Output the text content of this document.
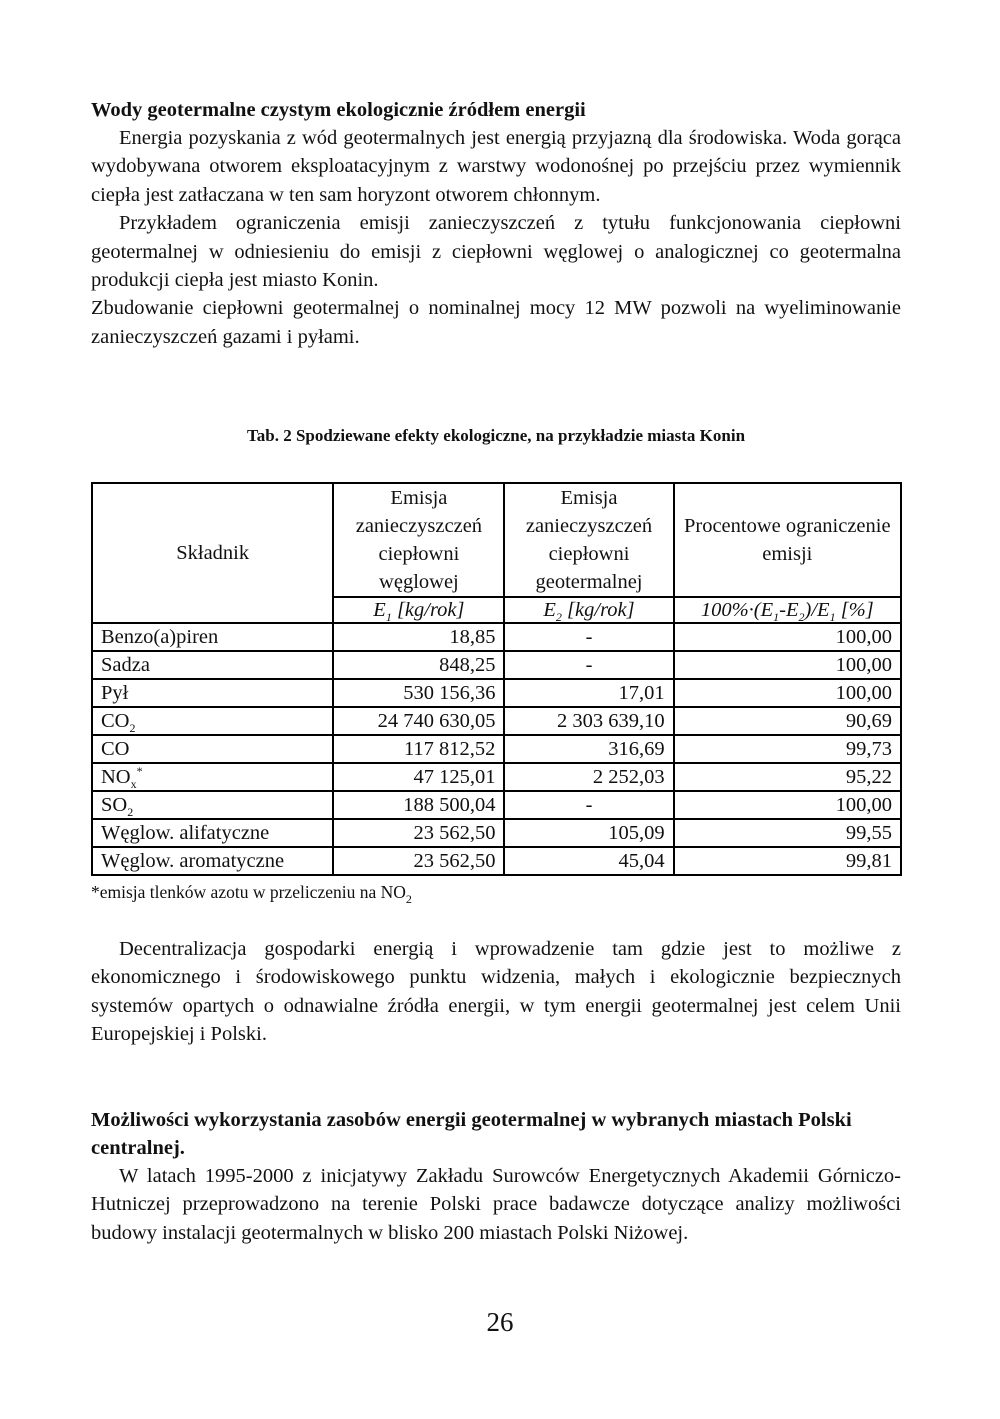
Wody geotermalne czystym ekologicznie źródłem energii

Energia pozyskania z wód geotermalnych jest energią przyjazną dla środowiska. Woda gorąca wydobywana otworem eksploatacyjnym z warstwy wodonośnej po przejściu przez wymiennik ciepła jest zatłaczana w ten sam horyzont otworem chłonnym.

Przykładem ograniczenia emisji zanieczyszczeń z tytułu funkcjonowania ciepłowni geotermalnej w odniesieniu do emisji z ciepłowni węglowej o analogicznej co geotermalna produkcji ciepła jest miasto Konin.

Zbudowanie ciepłowni geotermalnej o nominalnej mocy 12 MW pozwoli na wyeliminowanie zanieczyszczeń gazami i pyłami.

Tab. 2 Spodziewane efekty ekologiczne, na przykładzie miasta Konin
Składnik	Emisja zanieczyszczeń ciepłowni węglowej	Emisja zanieczyszczeń ciepłowni geotermalnej	Procentowe ograniczenie emisji
	$E_1$ [kg/rok]	$E_2$ [kg/rok]	$100\%\cdot(E_1-E_2)/E_1$ [%]
Benzo(a)piren	18,85	-	100,00
Sadza	848,25	-	100,00
Pył	530 156,36	17,01	100,00
$CO_2$	24 740 630,05	2 303 639,10	90,69
CO	117 812,52	316,69	99,73
$NO_x^*$	47 125,01	2 252,03	95,22
$SO_2$	188 500,04	-	100,00
Węglow. alifatyczne	23 562,50	105,09	99,55
Węglow. aromatyczne	23 562,50	45,04	99,81
*emisja tlenków azotu w przeliczeniu na $NO_2$

Decentralizacja gospodarki energią i wprowadzenie tam gdzie jest to możliwe z ekonomicznego i środowiskowego punktu widzenia, małych i ekologicznie bezpiecznych systemów opartych o odnawialne źródła energii, w tym energii geotermalnej jest celem Unii Europejskiej i Polski.

Możliwości wykorzystania zasobów energii geotermalnej w wybranych miastach Polski centralnej.

W latach 1995-2000 z inicjatywy Zakładu Surowców Energetycznych Akademii Górniczo-Hutniczej przeprowadzono na terenie Polski prace badawcze dotyczące analizy możliwości budowy instalacji geotermalnych w blisko 200 miastach Polski Niżowej.

26
